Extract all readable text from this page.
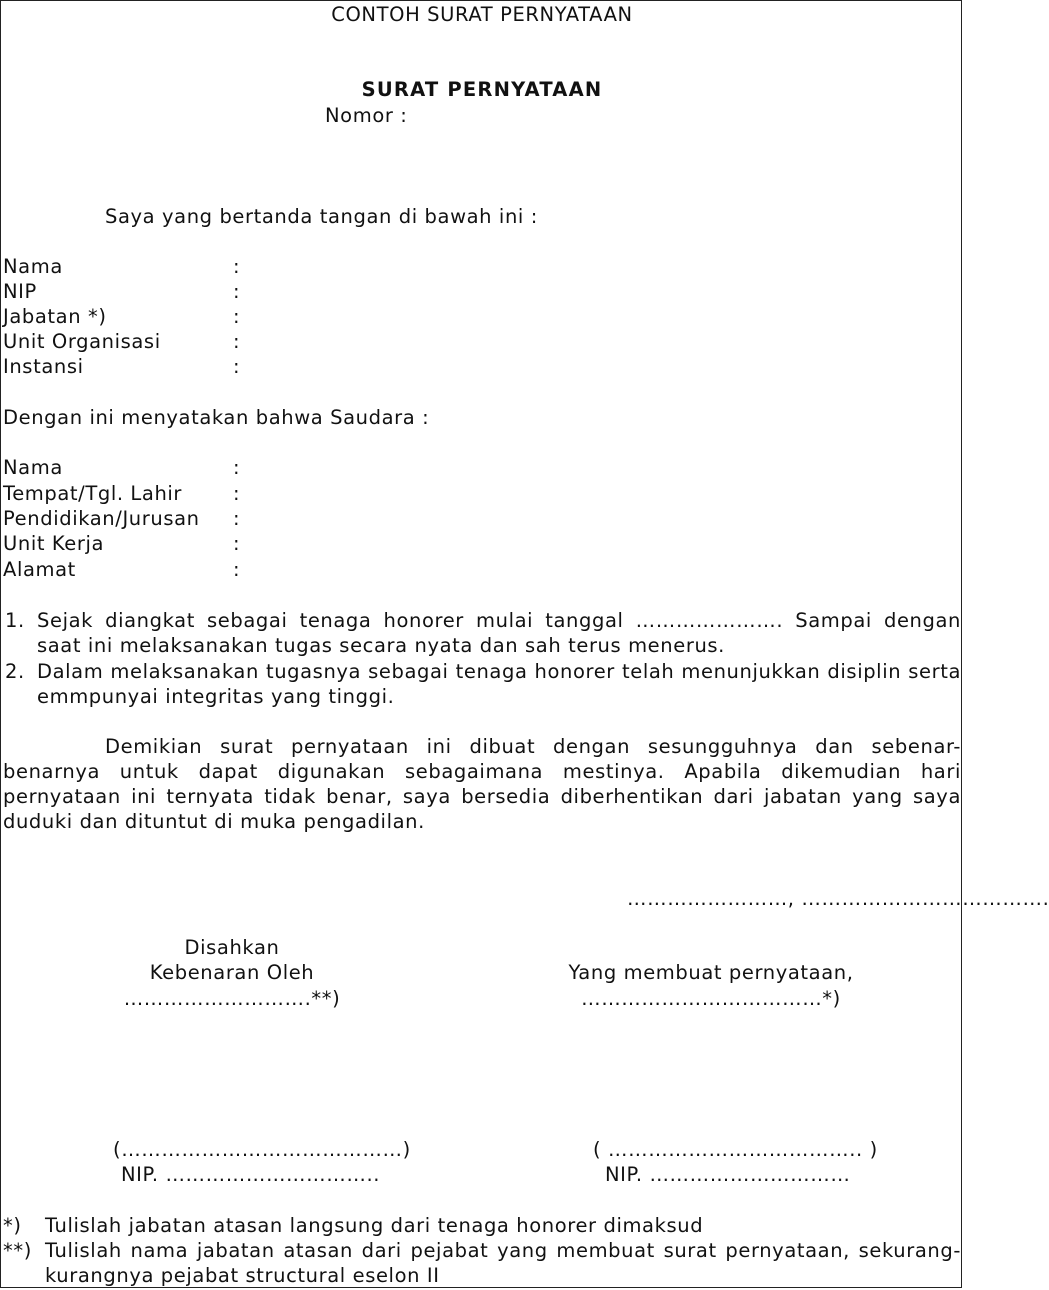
CONTOH SURAT PERNYATAAN
SURAT PERNYATAAN
Nomor :
Saya yang bertanda tangan di bawah ini :
Nama	:
NIP	:
Jabatan *)	:
Unit Organisasi	:
Instansi	:
Dengan ini menyatakan bahwa Saudara :
Nama	:
Tempat/Tgl. Lahir	:
Pendidikan/Jurusan :
Unit Kerja	:
Alamat	:
1. Sejak diangkat sebagai tenaga honorer mulai tanggal …………………. Sampai dengan saat ini melaksanakan tugas secara nyata dan sah terus menerus.
2. Dalam melaksanakan tugasnya sebagai tenaga honorer telah menunjukkan disiplin serta emmpunyai integritas yang tinggi.
Demikian surat pernyataan ini dibuat dengan sesungguhnya dan sebenar-benarnya untuk dapat digunakan sebagaimana mestinya. Apabila dikemudian hari pernyataan ini ternyata tidak benar, saya bersedia diberhentikan dari jabatan yang saya duduki dan dituntut di muka pengadilan.
……………………, ……………………………….
Disahkan
Kebenaran Oleh
……………………….**)
Yang membuat pernyataan,
………………………………*)
(……………………………………)
NIP. …………………………..
( ……………………………….. )
NIP. …………………………
*) Tulislah jabatan atasan langsung dari tenaga honorer dimaksud
**) Tulislah nama jabatan atasan dari pejabat yang membuat surat pernyataan, sekurang-kurangnya pejabat structural eselon II
